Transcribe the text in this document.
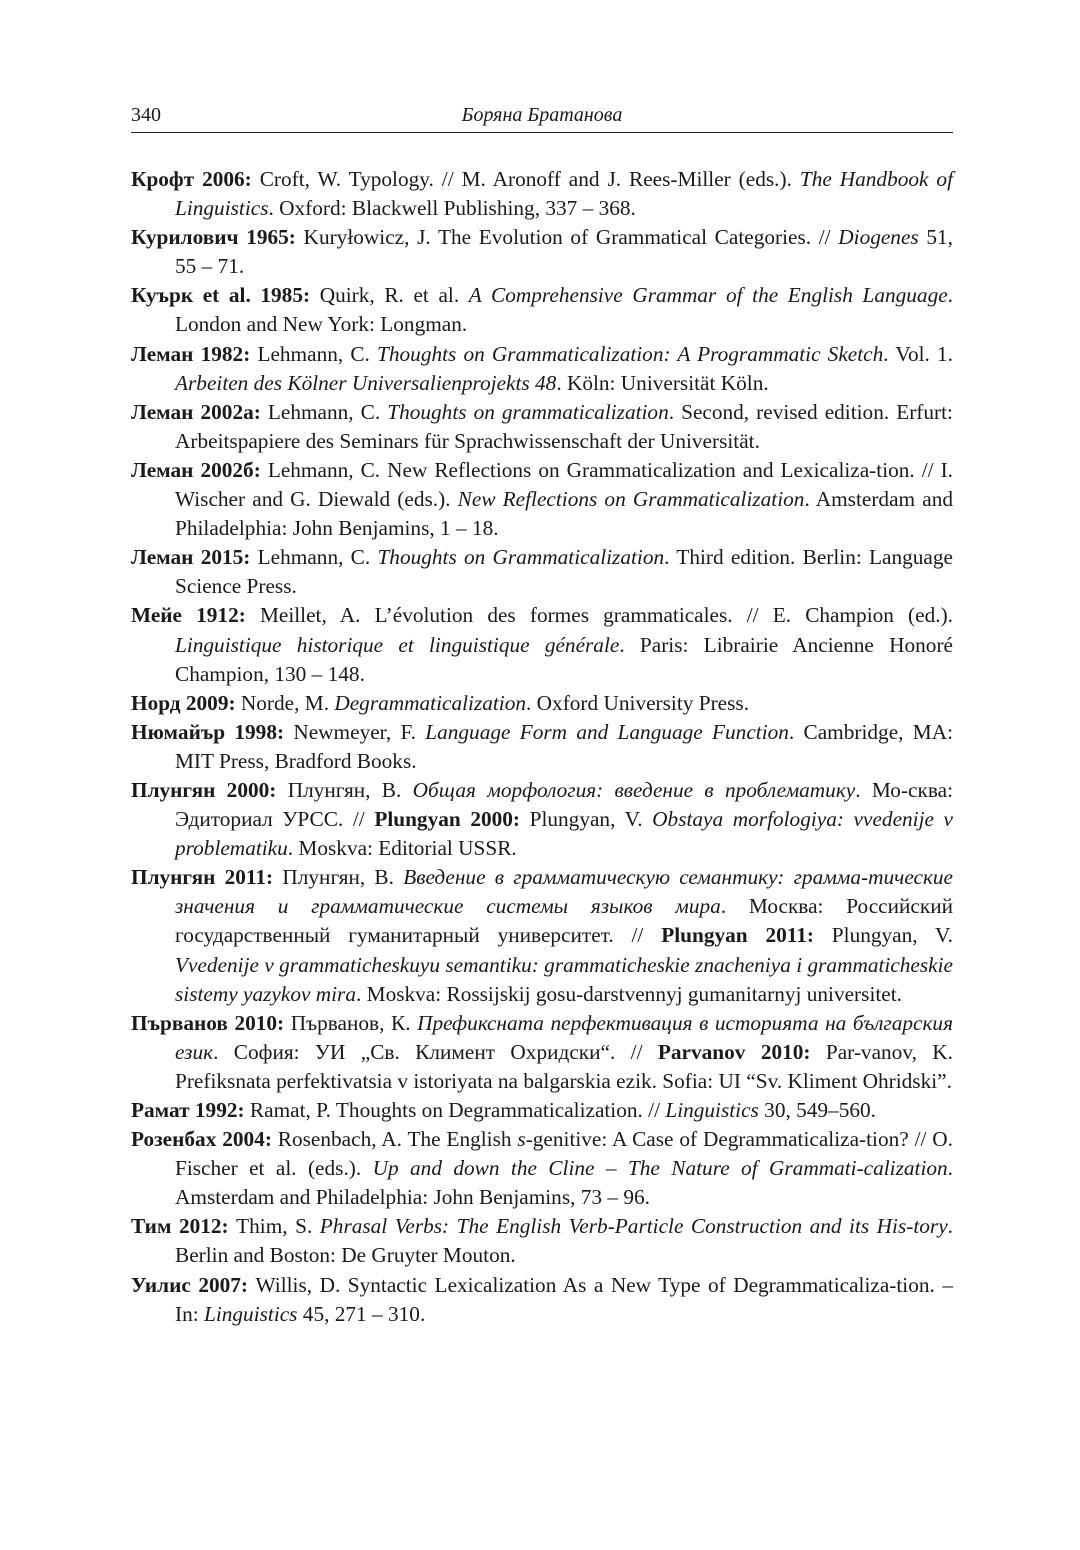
340	Боряна Братанова

Крофт 2006: Croft, W. Typology. // M. Aronoff and J. Rees-Miller (eds.). The Handbook of Linguistics. Oxford: Blackwell Publishing, 337 – 368.

Курилович 1965: Kuryłowicz, J. The Evolution of Grammatical Categories. // Diogenes 51, 55 – 71.

Куърк et al. 1985: Quirk, R. et al. A Comprehensive Grammar of the English Language. London and New York: Longman.

Леман 1982: Lehmann, C. Thoughts on Grammaticalization: A Programmatic Sketch. Vol. 1. Arbeiten des Kölner Universalienprojekts 48. Köln: Universität Köln.

Леман 2002а: Lehmann, C. Thoughts on grammaticalization. Second, revised edition. Erfurt: Arbeitspapiere des Seminars für Sprachwissenschaft der Universität.

Леман 2002б: Lehmann, C. New Reflections on Grammaticalization and Lexicaliza-tion. // I. Wischer and G. Diewald (eds.). New Reflections on Grammaticalization. Amsterdam and Philadelphia: John Benjamins, 1 – 18.

Леман 2015: Lehmann, C. Thoughts on Grammaticalization. Third edition. Berlin: Language Science Press.

Мейе 1912: Meillet, A. L’évolution des formes grammaticales. // E. Champion (ed.). Linguistique historique et linguistique générale. Paris: Librairie Ancienne Honoré Champion, 130 – 148.

Норд 2009: Norde, M. Degrammaticalization. Oxford University Press.

Нюмайър 1998: Newmeyer, F. Language Form and Language Function. Cambridge, MA: MIT Press, Bradford Books.

Плунгян 2000: Плунгян, В. Общая морфология: введение в проблематику. Мо-сква: Эдиториал УРСС. // Plungyan 2000: Plungyan, V. Obstaya morfologiya: vvedenije v problematiku. Moskva: Editorial USSR.

Плунгян 2011: Плунгян, В. Введение в грамматическую семантику: грамма-тические значения и грамматические системы языков мира. Москва: Российский государственный гуманитарный университет. // Plungyan 2011: Plungyan, V. Vvedenije v grammaticheskuyu semantiku: grammaticheskie znacheniya i grammaticheskie sistemy yazykov mira. Moskva: Rossijskij gosu-darstvennyj gumanitarnyj universitet.

Първанов 2010: Първанов, К. Префикснaта перфективация в историята на българския език. София: УИ „Св. Климент Охридски“. // Parvanov 2010: Par-vanov, K. Prefiksnata perfektivatsia v istoriyata na balgarskia ezik. Sofia: UI “Sv. Kliment Ohridski”.

Рамат 1992: Ramat, P. Thoughts on Degrammaticalization. // Linguistics 30, 549–560.

Розенбах 2004: Rosenbach, A. The English s-genitive: A Case of Degrammaticaliza-tion? // O. Fischer et al. (eds.). Up and down the Cline – The Nature of Grammati-calization. Amsterdam and Philadelphia: John Benjamins, 73 – 96.

Тим 2012: Thim, S. Phrasal Verbs: The English Verb-Particle Construction and its His-tory. Berlin and Boston: De Gruyter Mouton.

Уилис 2007: Willis, D. Syntactic Lexicalization As a New Type of Degrammaticaliza-tion. – In: Linguistics 45, 271 – 310.
